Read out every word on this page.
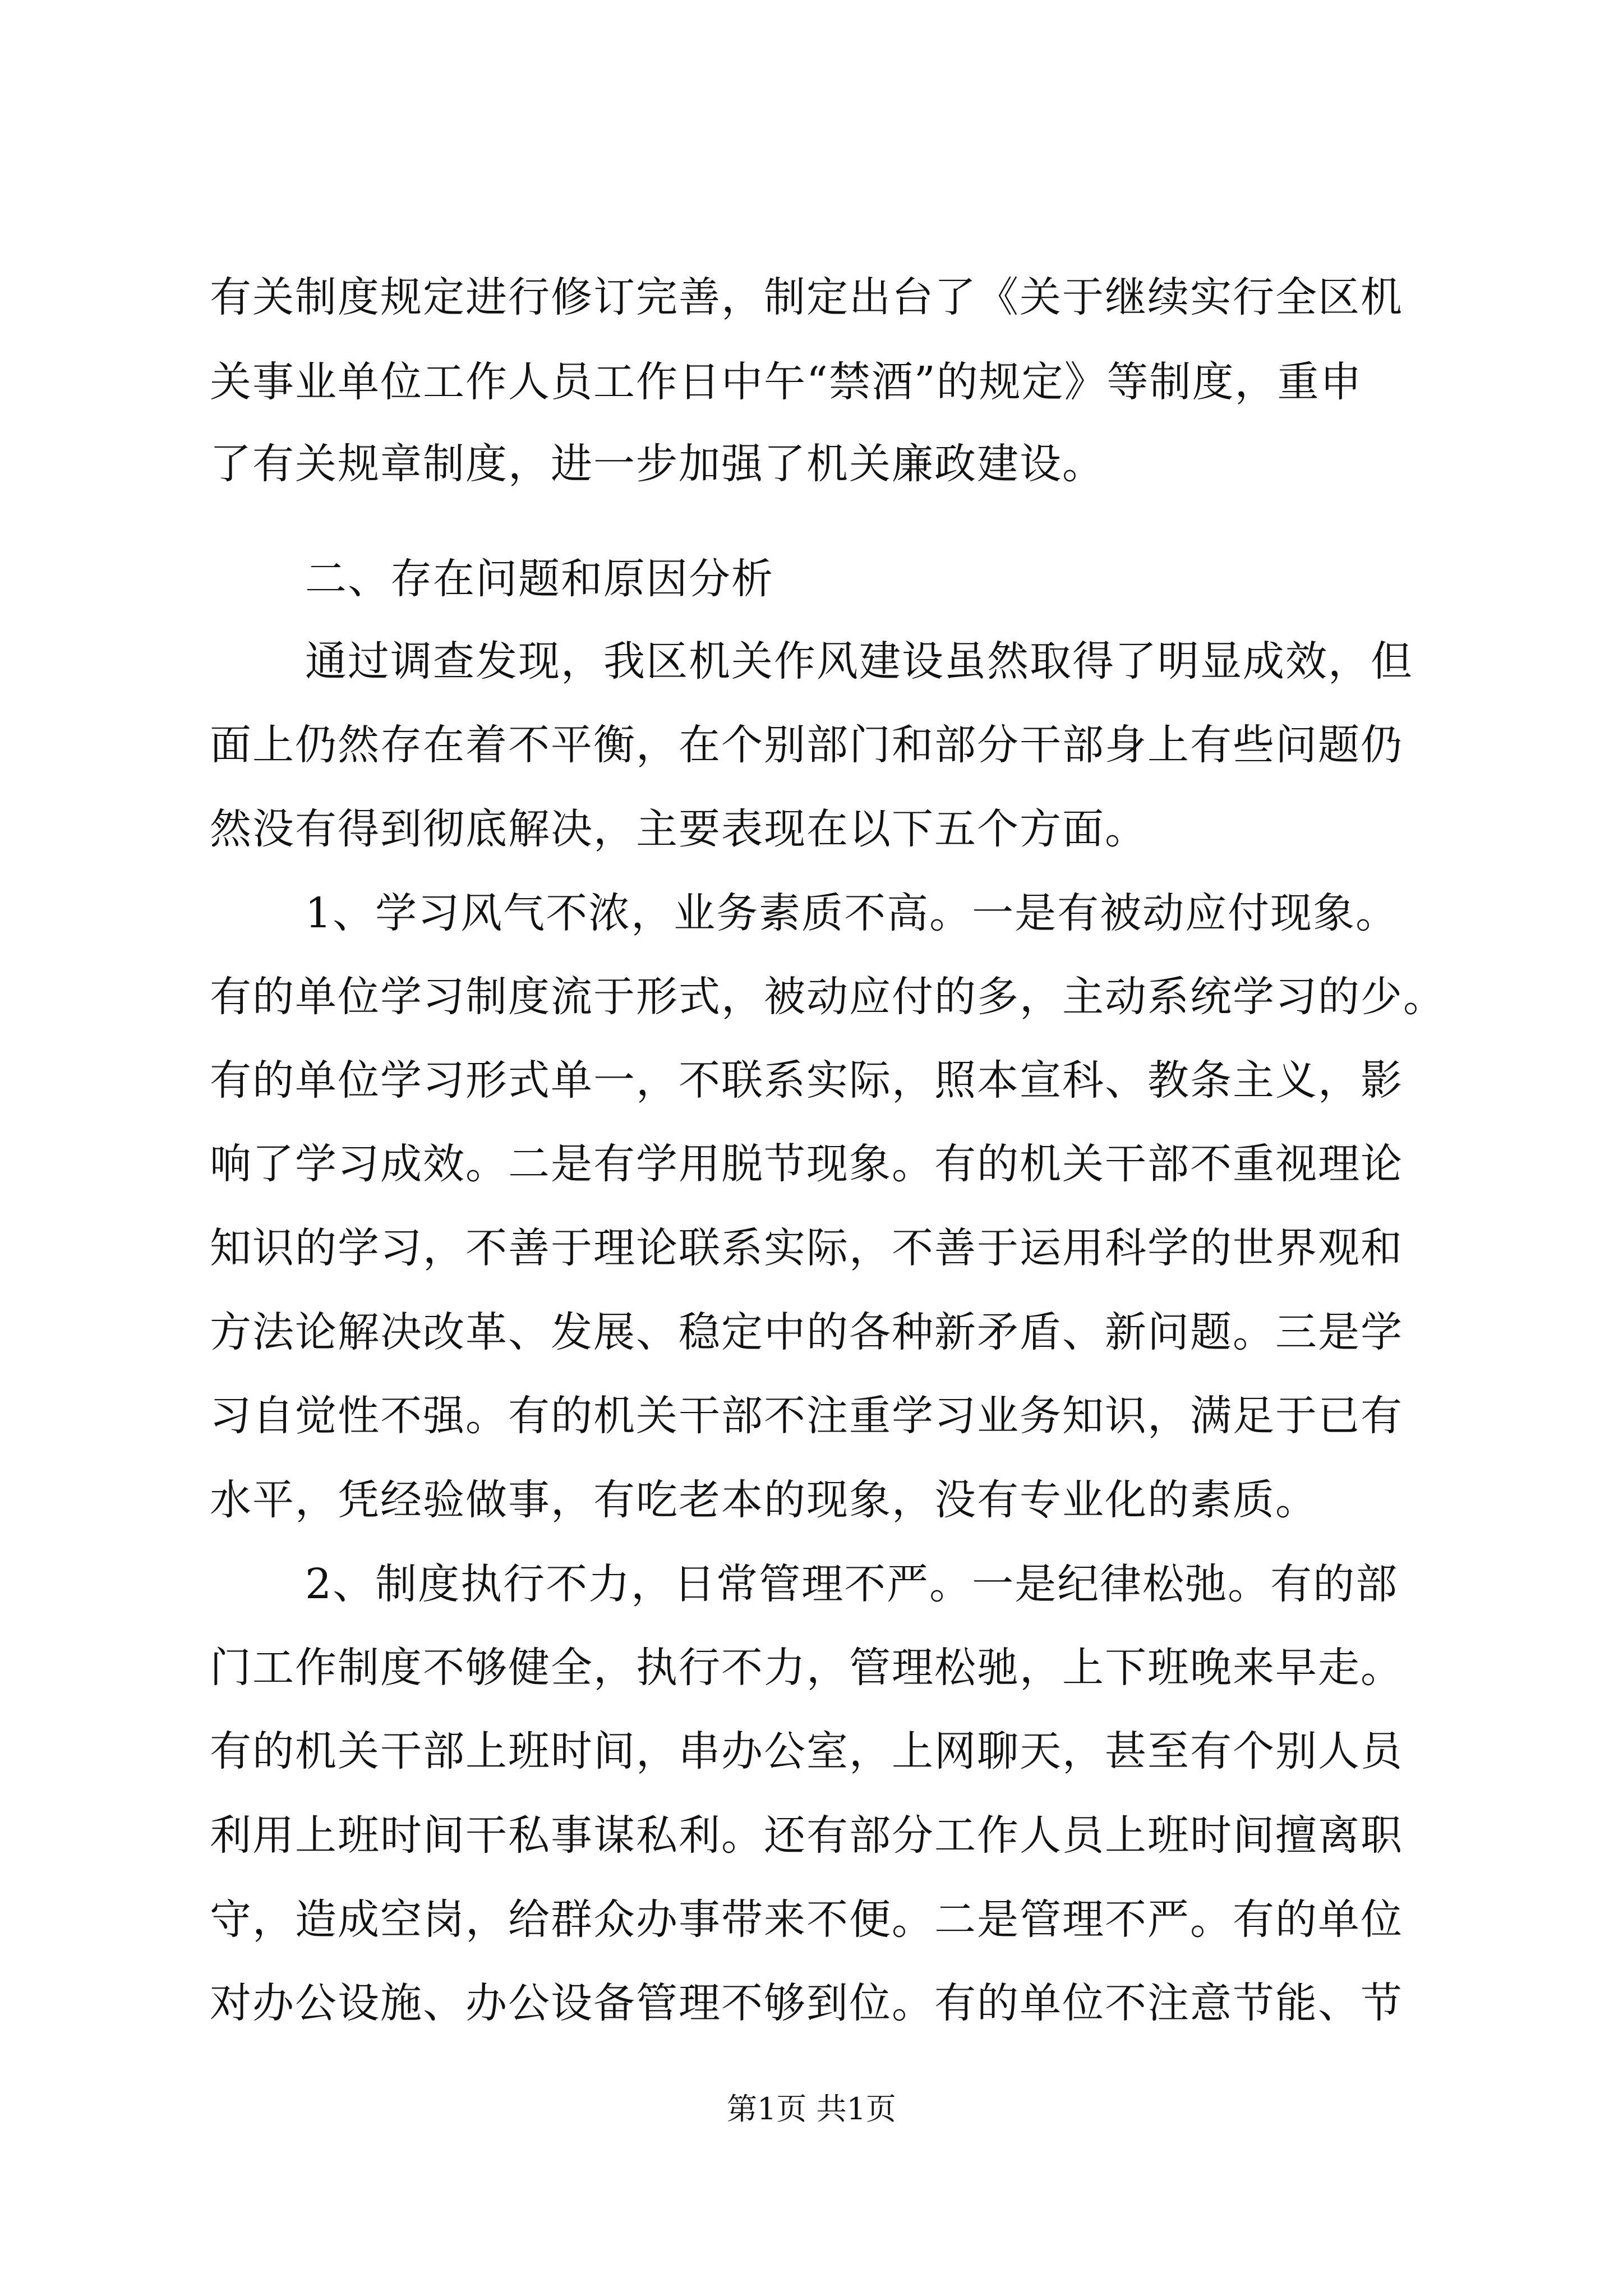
有关制度规定进行修订完善，制定出台了《关于继续实行全区机
关事业单位工作人员工作日中午“禁酒”的规定》等制度，重申
了有关规章制度，进一步加强了机关廉政建设。
二、存在问题和原因分析
通过调查发现，我区机关作风建设虽然取得了明显成效，但
面上仍然存在着不平衡，在个别部门和部分干部身上有些问题仍
然没有得到彻底解决，主要表现在以下五个方面。
1、学习风气不浓，业务素质不高。一是有被动应付现象。
有的单位学习制度流于形式，被动应付的多，主动系统学习的少。
有的单位学习形式单一，不联系实际，照本宣科、教条主义，影
响了学习成效。二是有学用脱节现象。有的机关干部不重视理论
知识的学习，不善于理论联系实际，不善于运用科学的世界观和
方法论解决改革、发展、稳定中的各种新矛盾、新问题。三是学
习自觉性不强。有的机关干部不注重学习业务知识，满足于已有
水平，凭经验做事，有吃老本的现象，没有专业化的素质。
2、制度执行不力，日常管理不严。一是纪律松弛。有的部
门工作制度不够健全，执行不力，管理松驰，上下班晚来早走。
有的机关干部上班时间，串办公室，上网聊天，甚至有个别人员
利用上班时间干私事谋私利。还有部分工作人员上班时间擅离职
守，造成空岗，给群众办事带来不便。二是管理不严。有的单位
对办公设施、办公设备管理不够到位。有的单位不注意节能、节
第1页 共1页
